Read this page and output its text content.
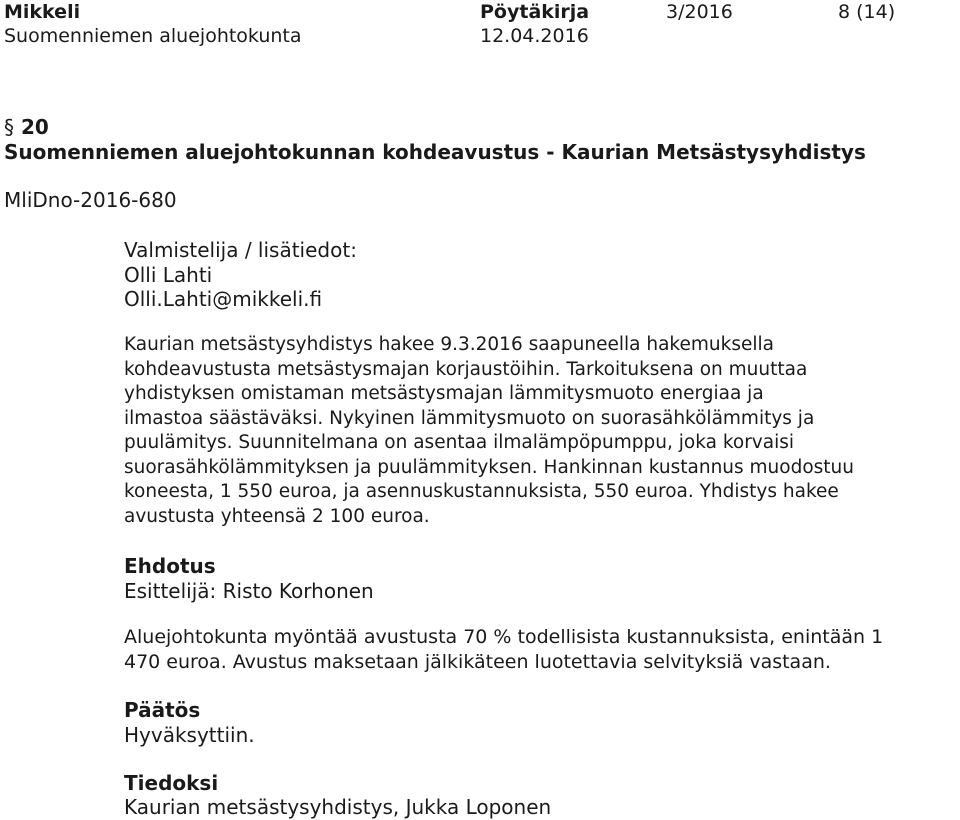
Mikkeli	Pöytäkirja	3/2016	8 (14)
Suomenniemen aluejohtokunta	12.04.2016
§ 20
Suomenniemen aluejohtokunnan kohdeavustus - Kaurian Metsästysyhdistys
MliDno-2016-680
Valmistelija / lisätiedot:
Olli Lahti
Olli.Lahti@mikkeli.fi
Kaurian metsästysyhdistys hakee 9.3.2016 saapuneella hakemuksella
kohdeavustusta metsästysmajan korjaustöihin. Tarkoituksena on muuttaa
yhdistyksen omistaman metsästysmajan lämmitysmuoto energiaa ja
ilmastoa säästäväksi. Nykyinen lämmitysmuoto on suorasähkölämmitys ja
puulämitys. Suunnitelmana on asentaa ilmalämpöpumppu, joka korvaisi
suorasähkölämmityksen ja puulämmityksen. Hankinnan kustannus muodostuu
koneesta, 1 550 euroa, ja asennuskustannuksista, 550 euroa. Yhdistys hakee
avustusta yhteensä 2 100 euroa.
Ehdotus
Esittelijä: Risto Korhonen
Aluejohtokunta myöntää avustusta 70 % todellisista kustannuksista, enintään 1
470 euroa. Avustus maksetaan jälkikäteen luotettavia selvityksiä vastaan.
Päätös
Hyväksyttiin.
Tiedoksi
Kaurian metsästysyhdistys, Jukka Loponen
